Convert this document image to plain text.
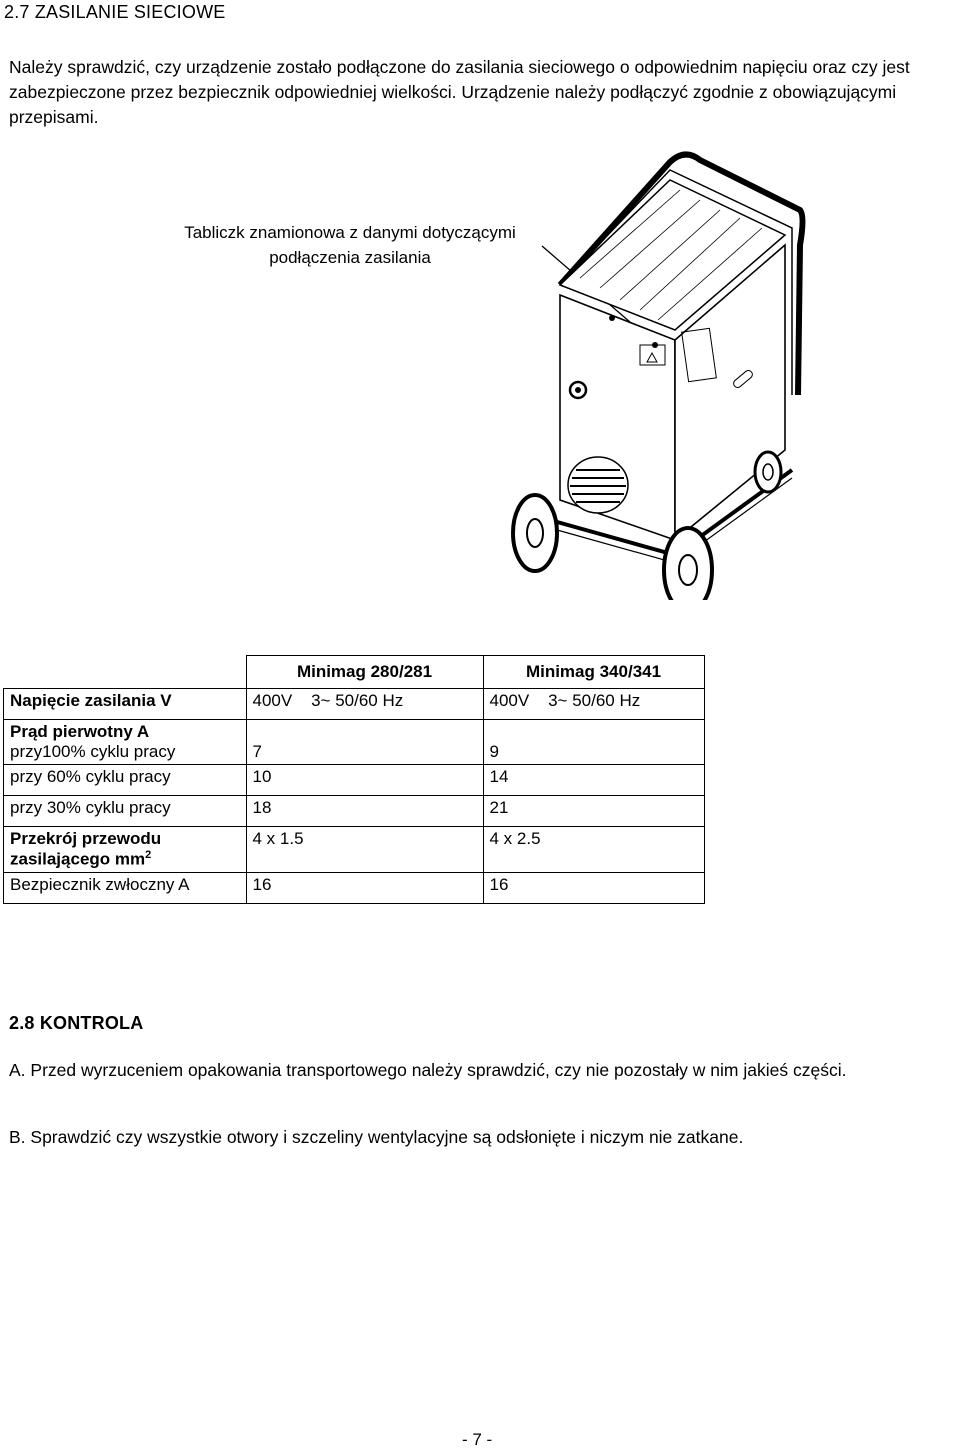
2.7 ZASILANIE SIECIOWE
Należy sprawdzić, czy urządzenie zostało podłączone do zasilania sieciowego o odpowiednim napięciu oraz czy jest zabezpieczone przez bezpiecznik odpowiedniej wielkości. Urządzenie należy podłączyć zgodnie z obowiązującymi przepisami.
Tabliczk znamionowa z danymi dotyczącymi
podłączenia zasilania
	Minimag 280/281	Minimag 340/341
Napięcie zasilania V	400V    3~ 50/60 Hz	400V    3~ 50/60 Hz

Prąd pierwotny A
przy100% cyklu pracy	7	9
przy 60% cyklu pracy	10	14
przy 30% cyklu pracy	18	21

Przekrój przewodu
zasilającego $mm^2$	4 x 1.5	4 x 2.5
Bezpiecznik zwłoczny A	16	16
2.8 KONTROLA
A. Przed wyrzuceniem opakowania transportowego należy sprawdzić, czy nie pozostały w nim jakieś części.
B. Sprawdzić czy wszystkie otwory i szczeliny wentylacyjne są odsłonięte i niczym nie zatkane.
- 7 -
